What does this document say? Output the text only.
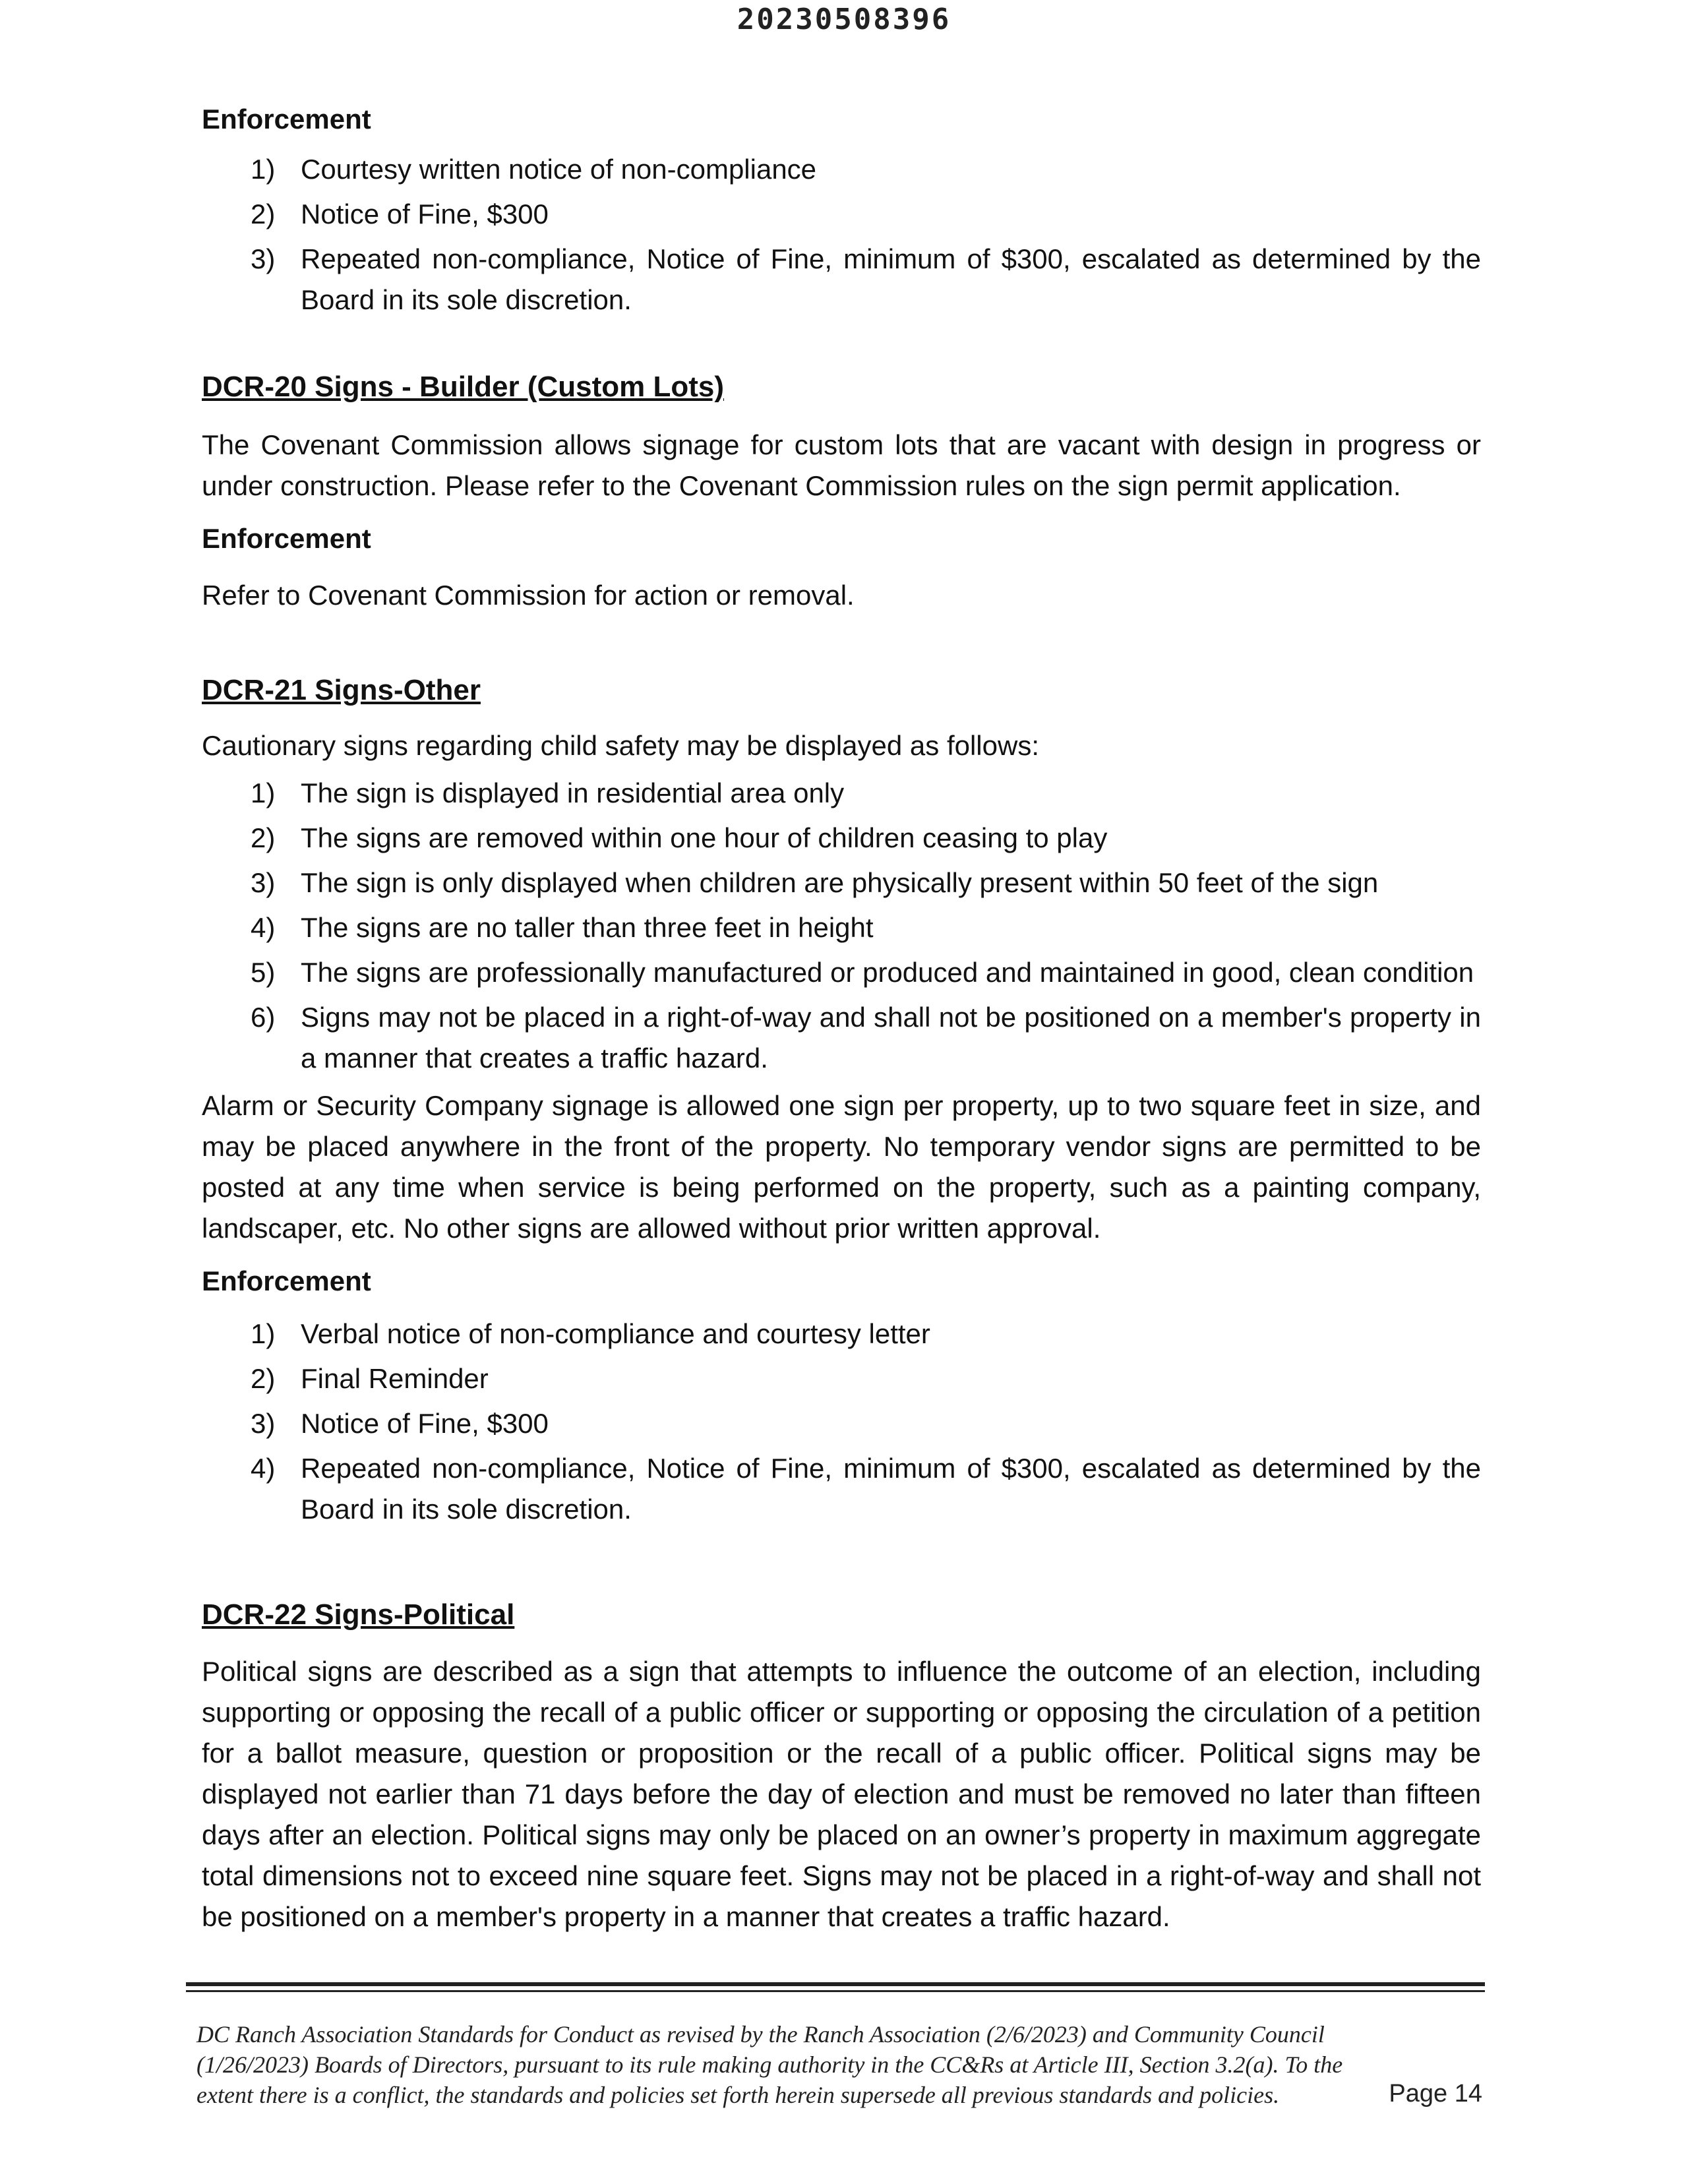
20230508396
Enforcement
1) Courtesy written notice of non-compliance
2) Notice of Fine, $300
3) Repeated non-compliance, Notice of Fine, minimum of $300, escalated as determined by the Board in its sole discretion.
DCR-20 Signs - Builder (Custom Lots)

The Covenant Commission allows signage for custom lots that are vacant with design in progress or under construction. Please refer to the Covenant Commission rules on the sign permit application.

Enforcement

Refer to Covenant Commission for action or removal.

DCR-21 Signs-Other

Cautionary signs regarding child safety may be displayed as follows:

1) The sign is displayed in residential area only
2) The signs are removed within one hour of children ceasing to play
3) The sign is only displayed when children are physically present within 50 feet of the sign
4) The signs are no taller than three feet in height
5) The signs are professionally manufactured or produced and maintained in good, clean condition
6) Signs may not be placed in a right-of-way and shall not be positioned on a member's property in a manner that creates a traffic hazard.

Alarm or Security Company signage is allowed one sign per property, up to two square feet in size, and may be placed anywhere in the front of the property. No temporary vendor signs are permitted to be posted at any time when service is being performed on the property, such as a painting company, landscaper, etc. No other signs are allowed without prior written approval.

Enforcement
1) Verbal notice of non-compliance and courtesy letter
2) Final Reminder
3) Notice of Fine, $300
4) Repeated non-compliance, Notice of Fine, minimum of $300, escalated as determined by the Board in its sole discretion.
DCR-22 Signs-Political

Political signs are described as a sign that attempts to influence the outcome of an election, including supporting or opposing the recall of a public officer or supporting or opposing the circulation of a petition for a ballot measure, question or proposition or the recall of a public officer. Political signs may be displayed not earlier than 71 days before the day of election and must be removed no later than fifteen days after an election. Political signs may only be placed on an owner’s property in maximum aggregate total dimensions not to exceed nine square feet. Signs may not be placed in a right-of-way and shall not be positioned on a member's property in a manner that creates a traffic hazard.

DC Ranch Association Standards for Conduct as revised by the Ranch Association (2/6/2023) and Community Council (1/26/2023) Boards of Directors, pursuant to its rule making authority in the CC&Rs at Article III, Section 3.2(a). To the extent there is a conflict, the standards and policies set forth herein supersede all previous standards and policies.	Page 14
